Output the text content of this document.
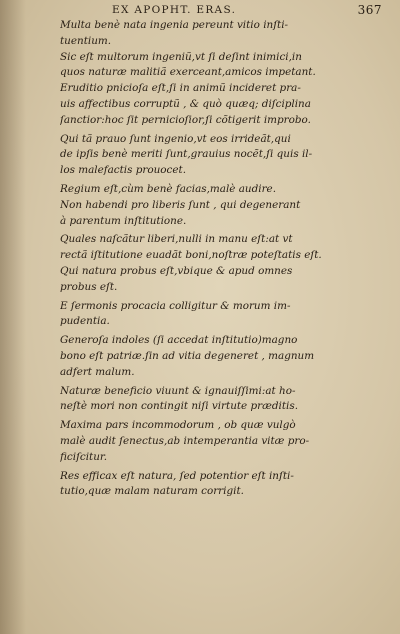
EX APOPHT. ERAS.	367
Multa benè nata ingenia pereunt vitio inſti-
tuentium.
Sic eſt multorum ingeniũ,vt ſi deſint inimici,in
quos naturæ malitiã exerceant,amicos impetant.
Eruditio pnicioſa eſt,ſi in animũ incideret pra-
uis affectibus corruptũ , & quò quæq; diſciplina
ſanctior:hoc ſit pernicioſior,ſi cõtigerit improbo.
Qui tã prauo ſunt ingenio,vt eos irrideãt,qui
de ipſis benè meriti ſunt,grauius nocẽt,ſi quis il-
los malefactis prouocet.
Regium eſt,cùm benè facias,malè audire.
Non habendi pro liberis ſunt , qui degenerant
à parentum inſtitutione.
Quales naſcãtur liberi,nulli in manu eſt:at vt
rectã iſtitutione euadãt boni,noſtræ poteſtatis eſt.
Qui natura probus eſt,vbique & apud omnes
probus eſt.
E ſermonis procacia colligitur & morum im-
pudentia.
Generoſa indoles (ſi accedat inſtitutio)magno
bono eſt patriæ.ſin ad vitia degeneret , magnum
adfert malum.
Naturæ beneficio viuunt & ignauiſſimi:at ho-
neſtè mori non contingit niſi virtute præditis.
Maxima pars incommodorum , ob quæ vulgò
malè audit ſenectus,ab intemperantia vitæ pro-
ficiſcitur.
Res efficax eſt natura, ſed potentior eſt inſti-
tutio,quæ malam naturam corrigit.
